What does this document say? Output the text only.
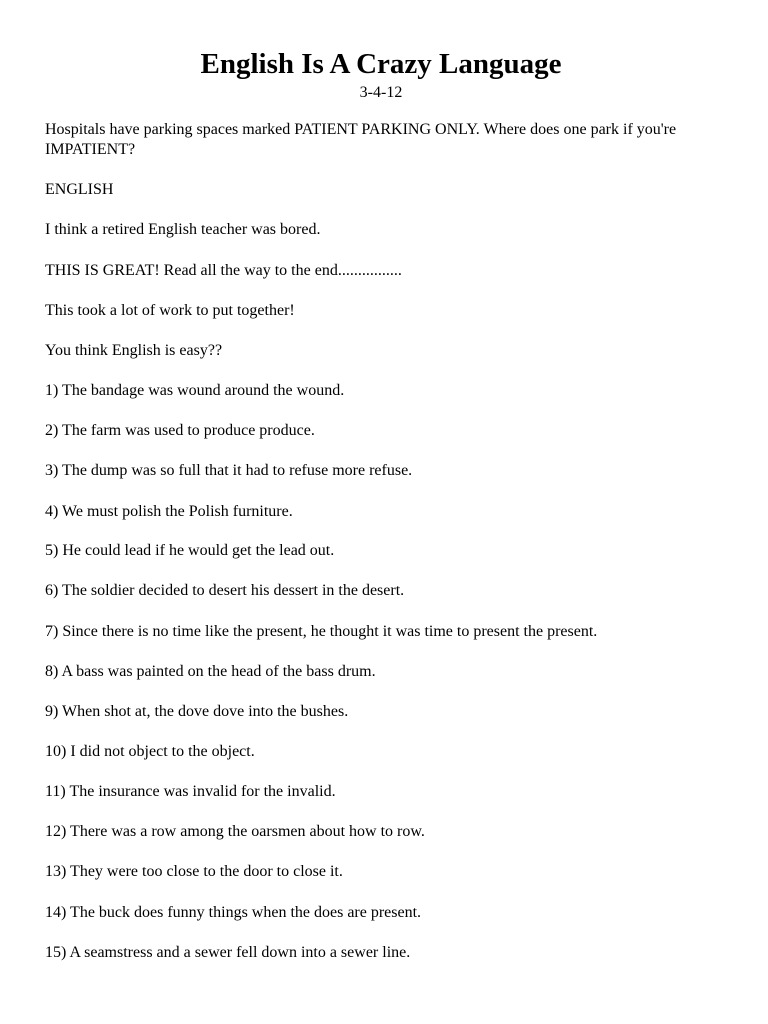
English Is A Crazy Language
3-4-12

Hospitals have parking spaces marked PATIENT PARKING ONLY. Where does one park if you're IMPATIENT?

ENGLISH

I think a retired English teacher was bored.

THIS IS GREAT! Read all the way to the end................

This took a lot of work to put together!

You think English is easy??

1) The bandage was wound around the wound.

2) The farm was used to produce produce.

3) The dump was so full that it had to refuse more refuse.

4) We must polish the Polish furniture.

5) He could lead if he would get the lead out.

6) The soldier decided to desert his dessert in the desert.

7) Since there is no time like the present, he thought it was time to present the present.

8) A bass was painted on the head of the bass drum.

9) When shot at, the dove dove into the bushes.

10) I did not object to the object.

11) The insurance was invalid for the invalid.

12) There was a row among the oarsmen about how to row.

13) They were too close to the door to close it.

14) The buck does funny things when the does are present.

15) A seamstress and a sewer fell down into a sewer line.
